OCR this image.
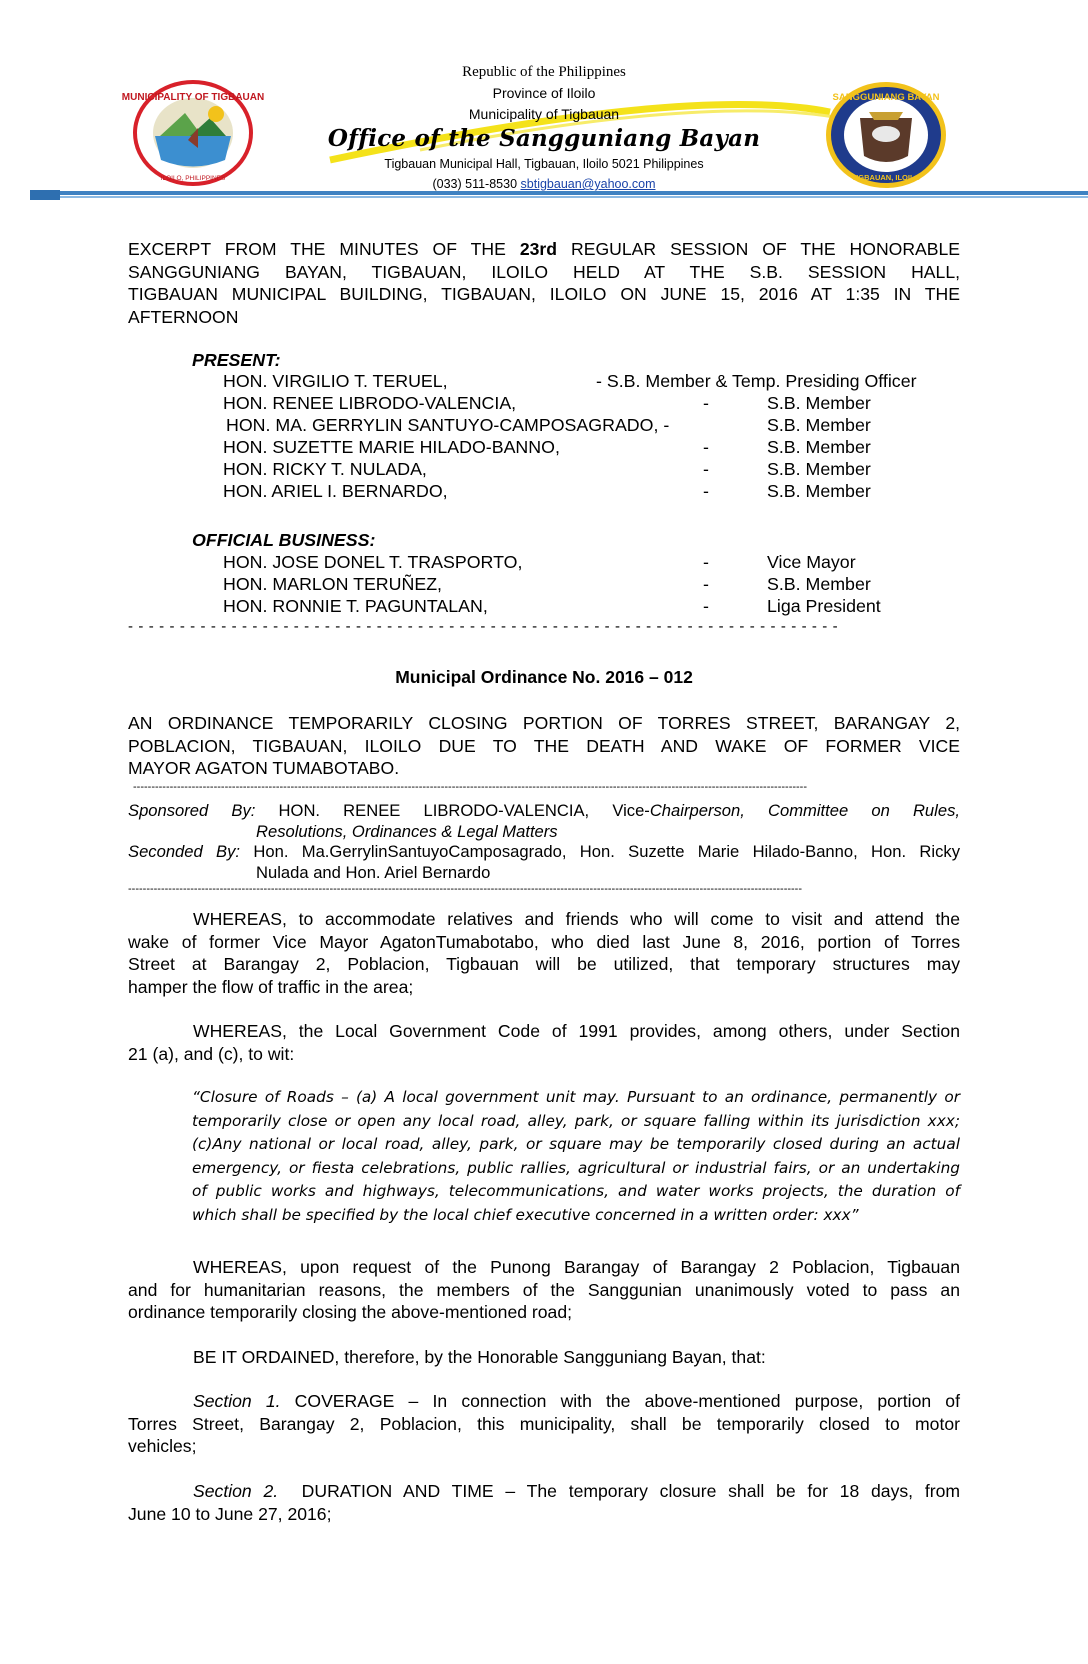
MUNICIPALITY OF TIGBAUAN
ILOILO, PHILIPPINES
SANGGUNIANG BAYAN
TIGBAUAN, ILOILO
Republic of the Philippines
Province of Iloilo
Municipality of Tigbauan
Office of the Sangguniang Bayan
Tigbauan Municipal Hall, Tigbauan, Iloilo 5021 Philippines
(033) 511-8530 sbtigbauan@yahoo.com
EXCERPT FROM THE MINUTES OF THE 23rd REGULAR SESSION OF THE HONORABLE
SANGGUNIANG BAYAN, TIGBAUAN, ILOILO HELD AT THE S.B. SESSION HALL,
TIGBAUAN MUNICIPAL BUILDING, TIGBAUAN, ILOILO ON JUNE 15, 2016 AT 1:35 IN THE
AFTERNOON
PRESENT:
HON. VIRGILIO T. TERUEL,	- S.B. Member & Temp. Presiding Officer
HON. RENEE LIBRODO-VALENCIA,	-	S.B. Member
HON. MA. GERRYLIN SANTUYO-CAMPOSAGRADO, -	S.B. Member
HON. SUZETTE MARIE HILADO-BANNO,	-	S.B. Member
HON. RICKY T. NULADA,	-	S.B. Member
HON. ARIEL I. BERNARDO,	-	S.B. Member
OFFICIAL BUSINESS:
HON. JOSE DONEL T. TRASPORTO,	-	Vice Mayor
HON. MARLON TERUÑEZ,	-	S.B. Member
HON. RONNIE T. PAGUNTALAN,	-	Liga President
- - - - - - - - - - - - - - - - - - - - - - - - - - - - - - - - - - - - - - - - - - - - - - - - - - - - - - - - - - - - - - - - - - - - -
Municipal Ordinance No. 2016 – 012
AN ORDINANCE TEMPORARILY CLOSING PORTION OF TORRES STREET, BARANGAY 2,
POBLACION, TIGBAUAN, ILOILO DUE TO THE DEATH AND WAKE OF FORMER VICE
MAYOR AGATON TUMABOTABO.
----------------------------------------------------------------------------------------------------------------------------------------------------------------------------------------
Sponsored By: HON. RENEE LIBRODO-VALENCIA, Vice-Chairperson, Committee on Rules,
Resolutions, Ordinances & Legal Matters
Seconded By: Hon. Ma.GerrylinSantuyoCamposagrado, Hon. Suzette Marie Hilado-Banno, Hon. Ricky
Nulada and Hon. Ariel Bernardo
----------------------------------------------------------------------------------------------------------------------------------------------------------------------------------------
WHEREAS, to accommodate relatives and friends who will come to visit and attend the
wake of former Vice Mayor AgatonTumabotabo, who died last June 8, 2016, portion of Torres
Street at Barangay 2, Poblacion, Tigbauan will be utilized, that temporary structures may
hamper the flow of traffic in the area;
WHEREAS, the Local Government Code of 1991 provides, among others, under Section
21 (a), and (c), to wit:
“Closure of Roads – (a) A local government unit may. Pursuant to an ordinance, permanently or
temporarily close or open any local road, alley, park, or square falling within its jurisdiction xxx;
(c)Any national or local road, alley, park, or square may be temporarily closed during an actual
emergency, or fiesta celebrations, public rallies, agricultural or industrial fairs, or an undertaking
of public works and highways, telecommunications, and water works projects, the duration of
which shall be specified by the local chief executive concerned in a written order: xxx”
WHEREAS, upon request of the Punong Barangay of Barangay 2 Poblacion, Tigbauan
and for humanitarian reasons, the members of the Sanggunian unanimously voted to pass an
ordinance temporarily closing the above-mentioned road;
BE IT ORDAINED, therefore, by the Honorable Sangguniang Bayan, that:
Section 1. COVERAGE – In connection with the above-mentioned purpose, portion of
Torres Street, Barangay 2, Poblacion, this municipality, shall be temporarily closed to motor
vehicles;
Section 2. DURATION AND TIME – The temporary closure shall be for 18 days, from
June 10 to June 27, 2016;
